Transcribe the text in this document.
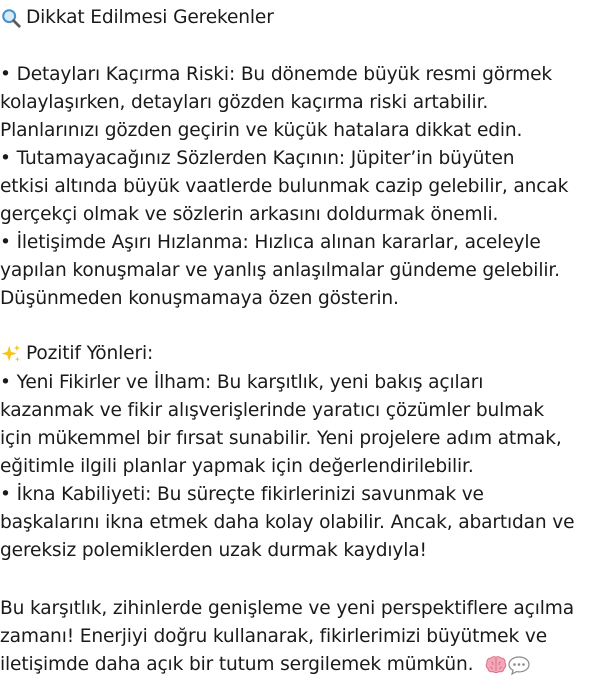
Dikkat Edilmesi Gerekenler
• Detayları Kaçırma Riski: Bu dönemde büyük resmi görmek
kolaylaşırken, detayları gözden kaçırma riski artabilir.
Planlarınızı gözden geçirin ve küçük hatalara dikkat edin.
• Tutamayacağınız Sözlerden Kaçının: Jüpiter’in büyüten
etkisi altında büyük vaatlerde bulunmak cazip gelebilir, ancak
gerçekçi olmak ve sözlerin arkasını doldurmak önemli.
• İletişimde Aşırı Hızlanma: Hızlıca alınan kararlar, aceleyle
yapılan konuşmalar ve yanlış anlaşılmalar gündeme gelebilir.
Düşünmeden konuşmamaya özen gösterin.
Pozitif Yönleri:
• Yeni Fikirler ve İlham: Bu karşıtlık, yeni bakış açıları
kazanmak ve fikir alışverişlerinde yaratıcı çözümler bulmak
için mükemmel bir fırsat sunabilir. Yeni projelere adım atmak,
eğitimle ilgili planlar yapmak için değerlendirilebilir.
• İkna Kabiliyeti: Bu süreçte fikirlerinizi savunmak ve
başkalarını ikna etmek daha kolay olabilir. Ancak, abartıdan ve
gereksiz polemiklerden uzak durmak kaydıyla!
Bu karşıtlık, zihinlerde genişleme ve yeni perspektiflere açılma
zamanı! Enerjiyi doğru kullanarak, fikirlerimizi büyütmek ve
iletişimde daha açık bir tutum sergilemek mümkün.
